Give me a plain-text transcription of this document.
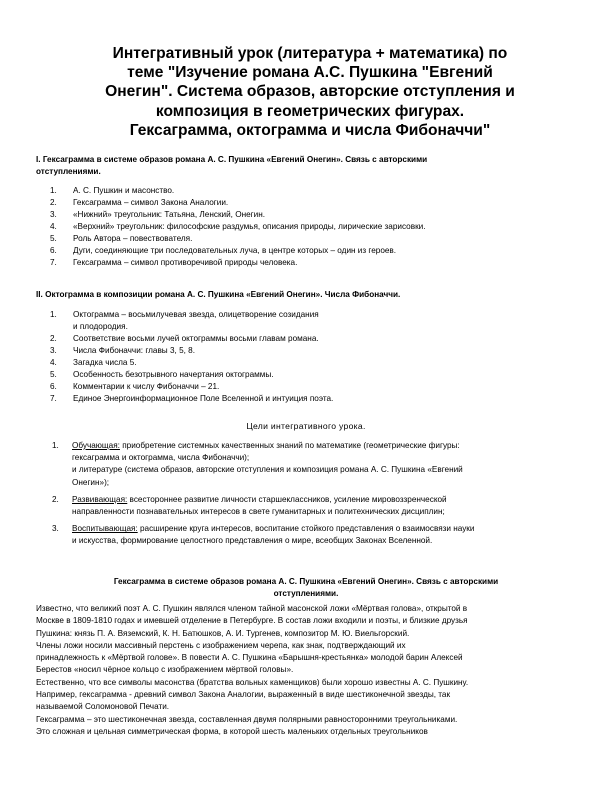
Интегративный урок (литература + математика) по
теме "Изучение романа А.С. Пушкина "Евгений
Онегин". Система образов, авторские отступления и
композиция в геометрических фигурах.
Гексаграмма, октограмма и числа Фибоначчи"
I. Гексаграмма в системе образов романа А. С. Пушкина «Евгений Онегин». Связь с авторскими
отступлениями.
1. А. С. Пушкин и масонство.
2. Гексаграмма – символ Закона Аналогии.
3. «Нижний» треугольник: Татьяна, Ленский, Онегин.
4. «Верхний» треугольник: философские раздумья, описания природы, лирические зарисовки.
5. Роль Автора – повествователя.
6. Дуги, соединяющие три последовательных луча, в центре которых – один из героев.
7. Гексаграмма – символ противоречивой природы человека.
II. Октограмма в композиции романа А. С. Пушкина «Евгений Онегин». Числа Фибоначчи.
1. Октограмма – восьмилучевая звезда, олицетворение созидания
и плодородия.
2. Соответствие восьми лучей октограммы восьми главам романа.
3. Числа Фибоначчи: главы 3, 5, 8.
4. Загадка числа 5.
5. Особенность безотрывного начертания октограммы.
6. Комментарии к числу Фибоначчи – 21.
7. Единое Энергоинформационное Поле Вселенной и интуиция поэта.
Цели интегративного урока.
1. Обучающая: приобретение системных качественных знаний по математике (геометрические фигуры:
гексаграмма и октограмма, числа Фибоначчи);
и литературе (система образов, авторские отступления и композиция романа А. С. Пушкина «Евгений
Онегин»);
2. Развивающая: всестороннее развитие личности старшеклассников, усиление мировоззренческой
направленности познавательных интересов в свете гуманитарных и политехнических дисциплин;
3. Воспитывающая: расширение круга интересов, воспитание стойкого представления о взаимосвязи науки
и искусства, формирование целостного представления о мире, всеобщих Законах Вселенной.
Гексаграмма в системе образов романа А. С. Пушкина «Евгений Онегин». Связь с авторскими
отступлениями.

Известно, что великий поэт А. С. Пушкин являлся членом тайной масонской ложи «Мёртвая голова», открытой в

Москве в 1809-1810 годах и имевшей отделение в Петербурге. В состав ложи входили и поэты, и близкие друзья

Пушкина: князь П. А. Вяземский, К. Н. Батюшков, А. И. Тургенев, композитор М. Ю. Виельгорский.

Члены ложи носили массивный перстень с изображением черепа, как знак, подтверждающий их

принадлежность к «Мёртвой голове». В повести А. С. Пушкина «Барышня-крестьянка» молодой барин Алексей

Берестов «носил чёрное кольцо с изображением мёртвой головы».

Естественно, что все символы масонства (братства вольных каменщиков) были хорошо известны А. С. Пушкину.

Например, гексаграмма - древний символ Закона Аналогии, выраженный в виде шестиконечной звезды, так

называемой Соломоновой Печати.

Гексаграмма – это шестиконечная звезда, составленная двумя полярными равносторонними треугольниками.

Это сложная и цельная симметрическая форма, в которой шесть маленьких отдельных треугольников
